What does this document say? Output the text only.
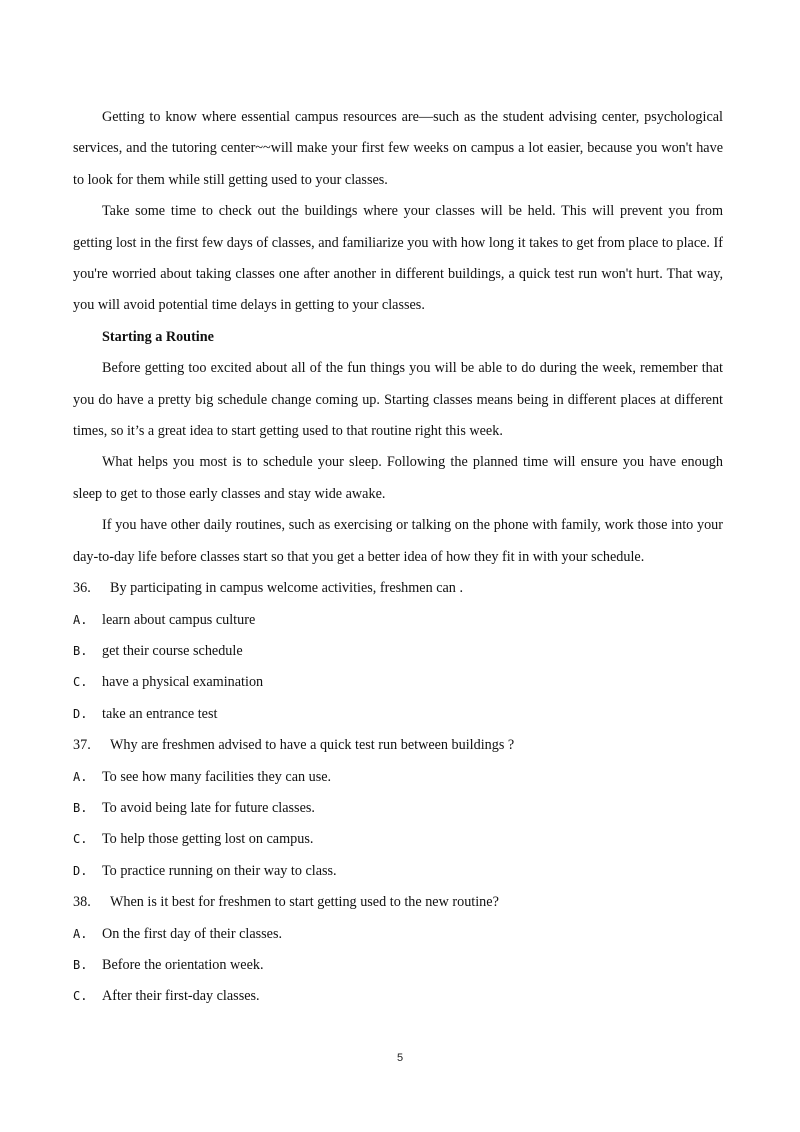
Getting to know where essential campus resources are—such as the student advising center, psychological services, and the tutoring center~~will make your first few weeks on campus a lot easier, because you won't have to look for them while still getting used to your classes.

Take some time to check out the buildings where your classes will be held. This will prevent you from getting lost in the first few days of classes, and familiarize you with how long it takes to get from place to place. If you're worried about taking classes one after another in different buildings, a quick test run won't hurt. That way, you will avoid potential time delays in getting to your classes.

Starting a Routine

Before getting too excited about all of the fun things you will be able to do during the week, remember that you do have a pretty big schedule change coming up. Starting classes means being in different places at different times, so it’s a great idea to start getting used to that routine right this week.

What helps you most is to schedule your sleep. Following the planned time will ensure you have enough sleep to get to those early classes and stay wide awake.

If you have other daily routines, such as exercising or talking on the phone with family, work those into your day-to-day life before classes start so that you get a better idea of how they fit in with your schedule.

36.	By participating in campus welcome activities, freshmen can .
A.	learn about campus culture
B.	get their course schedule
C.	have a physical examination
D.	take an entrance test
37.	Why are freshmen advised to have a quick test run between buildings ?
A.	To see how many facilities they can use.
B.	To avoid being late for future classes.
C.	To help those getting lost on campus.
D.	To practice running on their way to class.
38.	When is it best for freshmen to start getting used to the new routine?
A.	On the first day of their classes.
B.	Before the orientation week.
C.	After their first-day classes.
5
